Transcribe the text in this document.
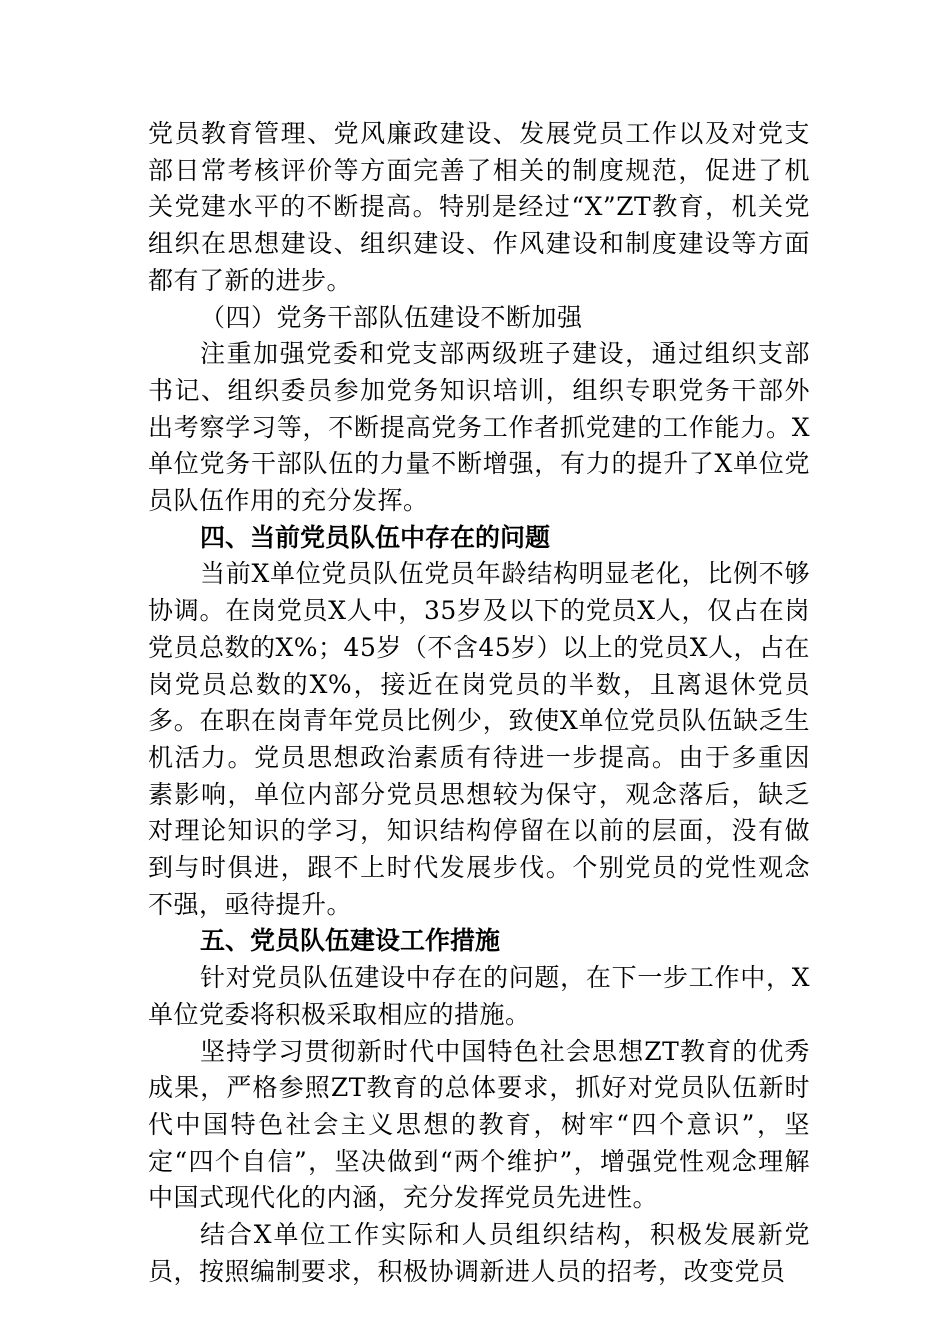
党员教育管理、党风廉政建设、发展党员工作以及对党支部日常考核评价等方面完善了相关的制度规范，促进了机关党建水平的不断提高。特别是经过“X”ZT教育，机关党组织在思想建设、组织建设、作风建设和制度建设等方面都有了新的进步。

（四）党务干部队伍建设不断加强

注重加强党委和党支部两级班子建设，通过组织支部书记、组织委员参加党务知识培训，组织专职党务干部外出考察学习等，不断提高党务工作者抓党建的工作能力。X单位党务干部队伍的力量不断增强，有力的提升了X单位党员队伍作用的充分发挥。

四、当前党员队伍中存在的问题

当前X单位党员队伍党员年龄结构明显老化，比例不够协调。在岗党员X人中，35岁及以下的党员X人，仅占在岗党员总数的X%；45岁（不含45岁）以上的党员X人，占在岗党员总数的X%，接近在岗党员的半数，且离退休党员多。在职在岗青年党员比例少，致使X单位党员队伍缺乏生机活力。党员思想政治素质有待进一步提高。由于多重因素影响，单位内部分党员思想较为保守，观念落后，缺乏对理论知识的学习，知识结构停留在以前的层面，没有做到与时俱进，跟不上时代发展步伐。个别党员的党性观念不强，亟待提升。

五、党员队伍建设工作措施

针对党员队伍建设中存在的问题，在下一步工作中，X单位党委将积极采取相应的措施。

坚持学习贯彻新时代中国特色社会思想ZT教育的优秀成果，严格参照ZT教育的总体要求，抓好对党员队伍新时代中国特色社会主义思想的教育，树牢“四个意识”，坚定“四个自信”，坚决做到“两个维护”，增强党性观念理解中国式现代化的内涵，充分发挥党员先进性。

结合X单位工作实际和人员组织结构，积极发展新党员，按照编制要求，积极协调新进人员的招考，改变党员
